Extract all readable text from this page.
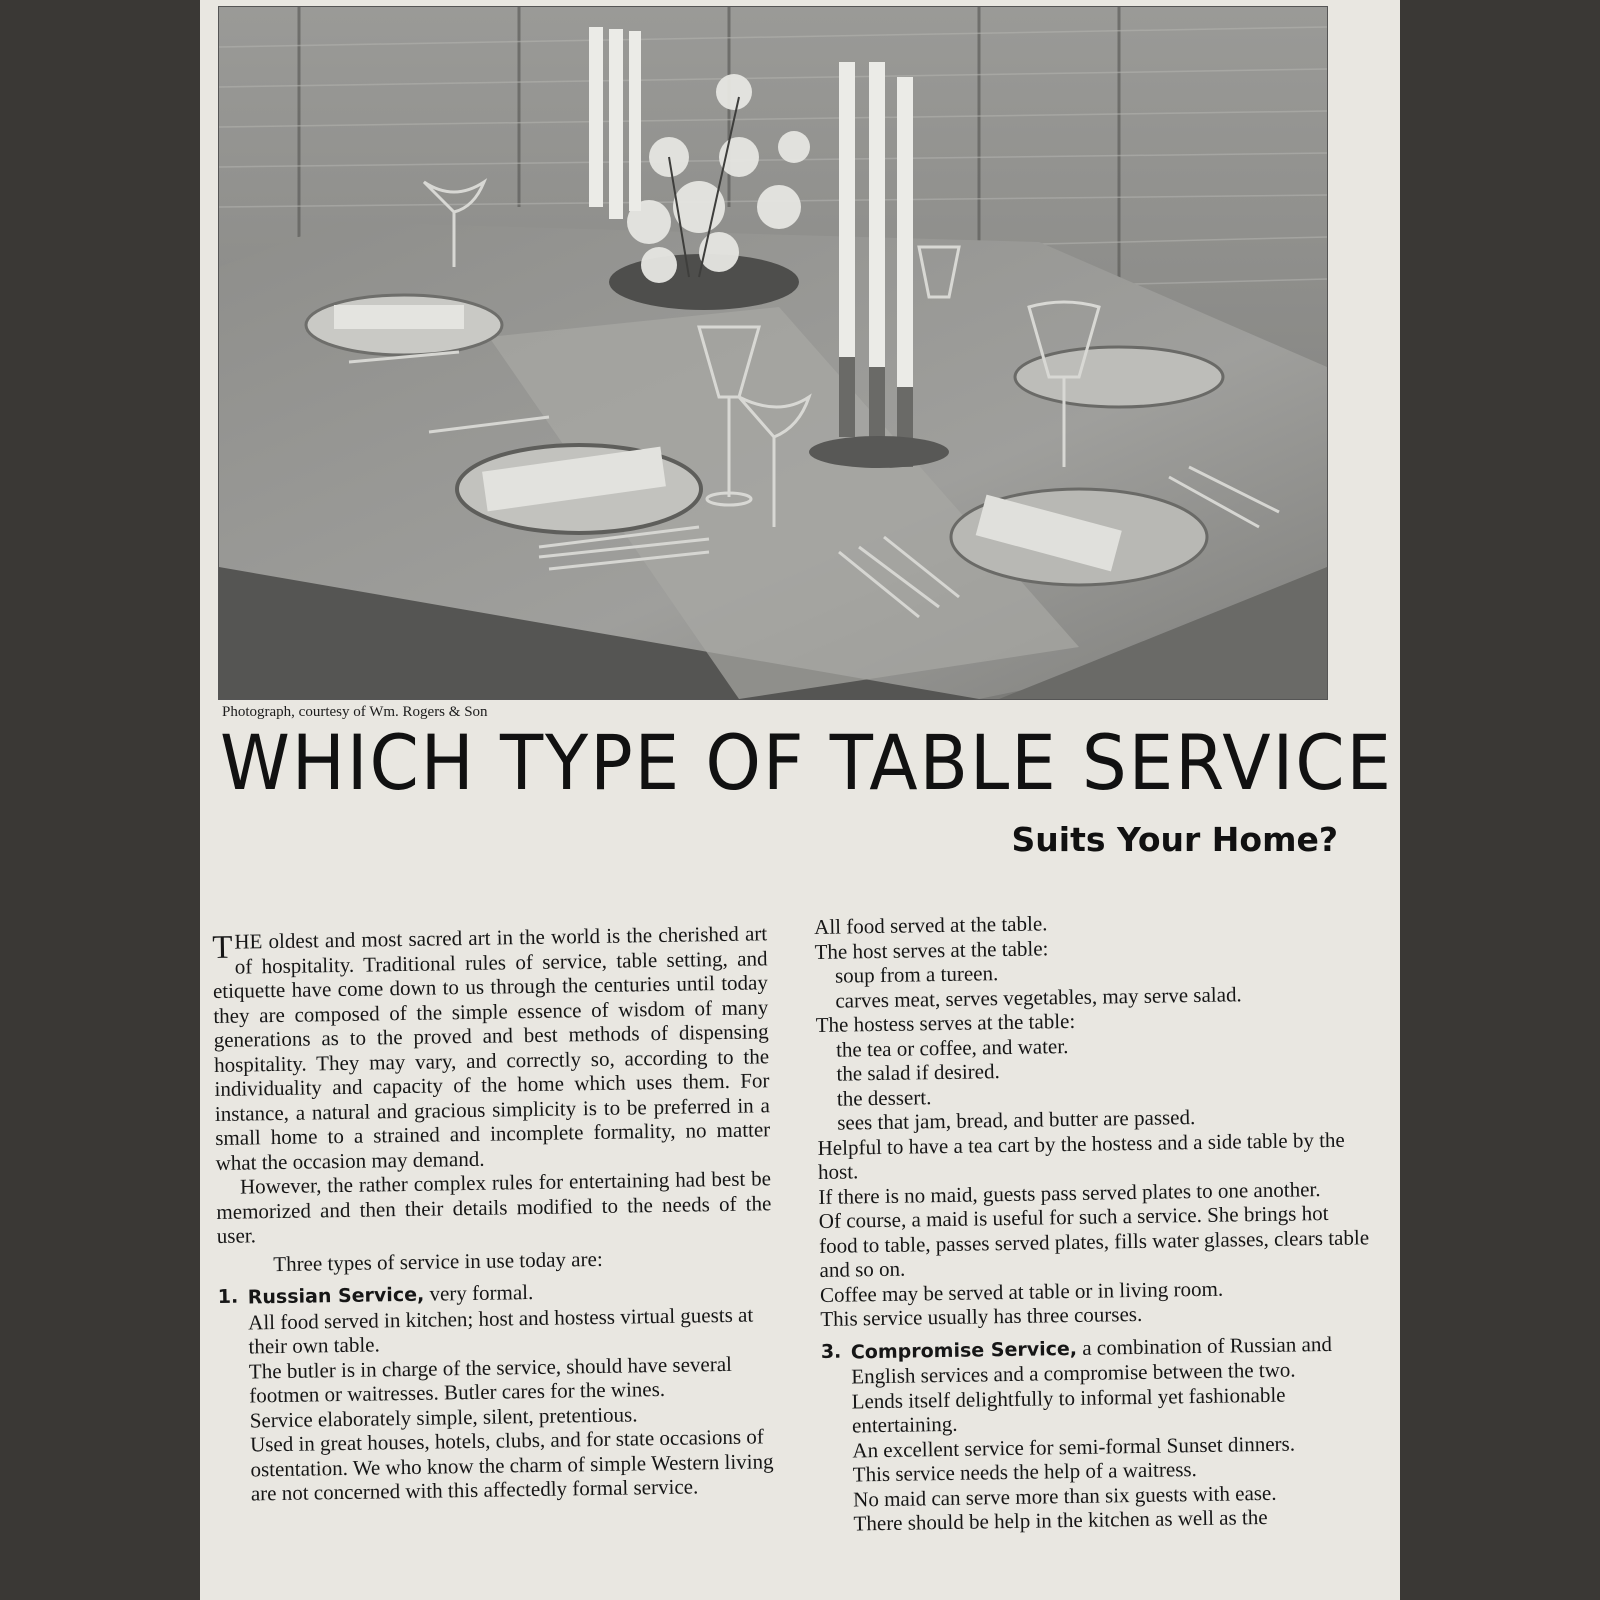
Photograph, courtesy of Wm. Rogers & Son
WHICH TYPE OF TABLE SERVICE
Suits Your Home?

THE oldest and most sacred art in the world is the cherished art of hospitality. Traditional rules of service, table setting, and etiquette have come down to us through the centuries until today they are composed of the simple essence of wisdom of many generations as to the proved and best methods of dispensing hospitality. They may vary, and correctly so, according to the individuality and capacity of the home which uses them. For instance, a natural and gracious simplicity is to be preferred in a small home to a strained and incomplete formality, no matter what the occasion may demand.

However, the rather complex rules for entertaining had best be memorized and then their details modified to the needs of the user.

Three types of service in use today are:

1. Russian Service, very formal.
All food served in kitchen; host and hostess virtual guests at their own table.
The butler is in charge of the service, should have several footmen or waitresses. Butler cares for the wines.
Service elaborately simple, silent, pretentious.
Used in great houses, hotels, clubs, and for state occasions of ostentation. We who know the charm of simple Western living are not concerned with this affectedly formal service.
All food served at the table.
The host serves at the table:
soup from a tureen.
carves meat, serves vegetables, may serve salad.
The hostess serves at the table:
the tea or coffee, and water.
the salad if desired.
the dessert.
sees that jam, bread, and butter are passed.
Helpful to have a tea cart by the hostess and a side table by the host.
If there is no maid, guests pass served plates to one another.
Of course, a maid is useful for such a service. She brings hot food to table, passes served plates, fills water glasses, clears table and so on.
Coffee may be served at table or in living room.
This service usually has three courses.
3. Compromise Service, a combination of Russian and English services and a compromise between the two.
Lends itself delightfully to informal yet fashionable entertaining.
An excellent service for semi-formal Sunset dinners.
This service needs the help of a waitress.
No maid can serve more than six guests with ease.
There should be help in the kitchen as well as the
